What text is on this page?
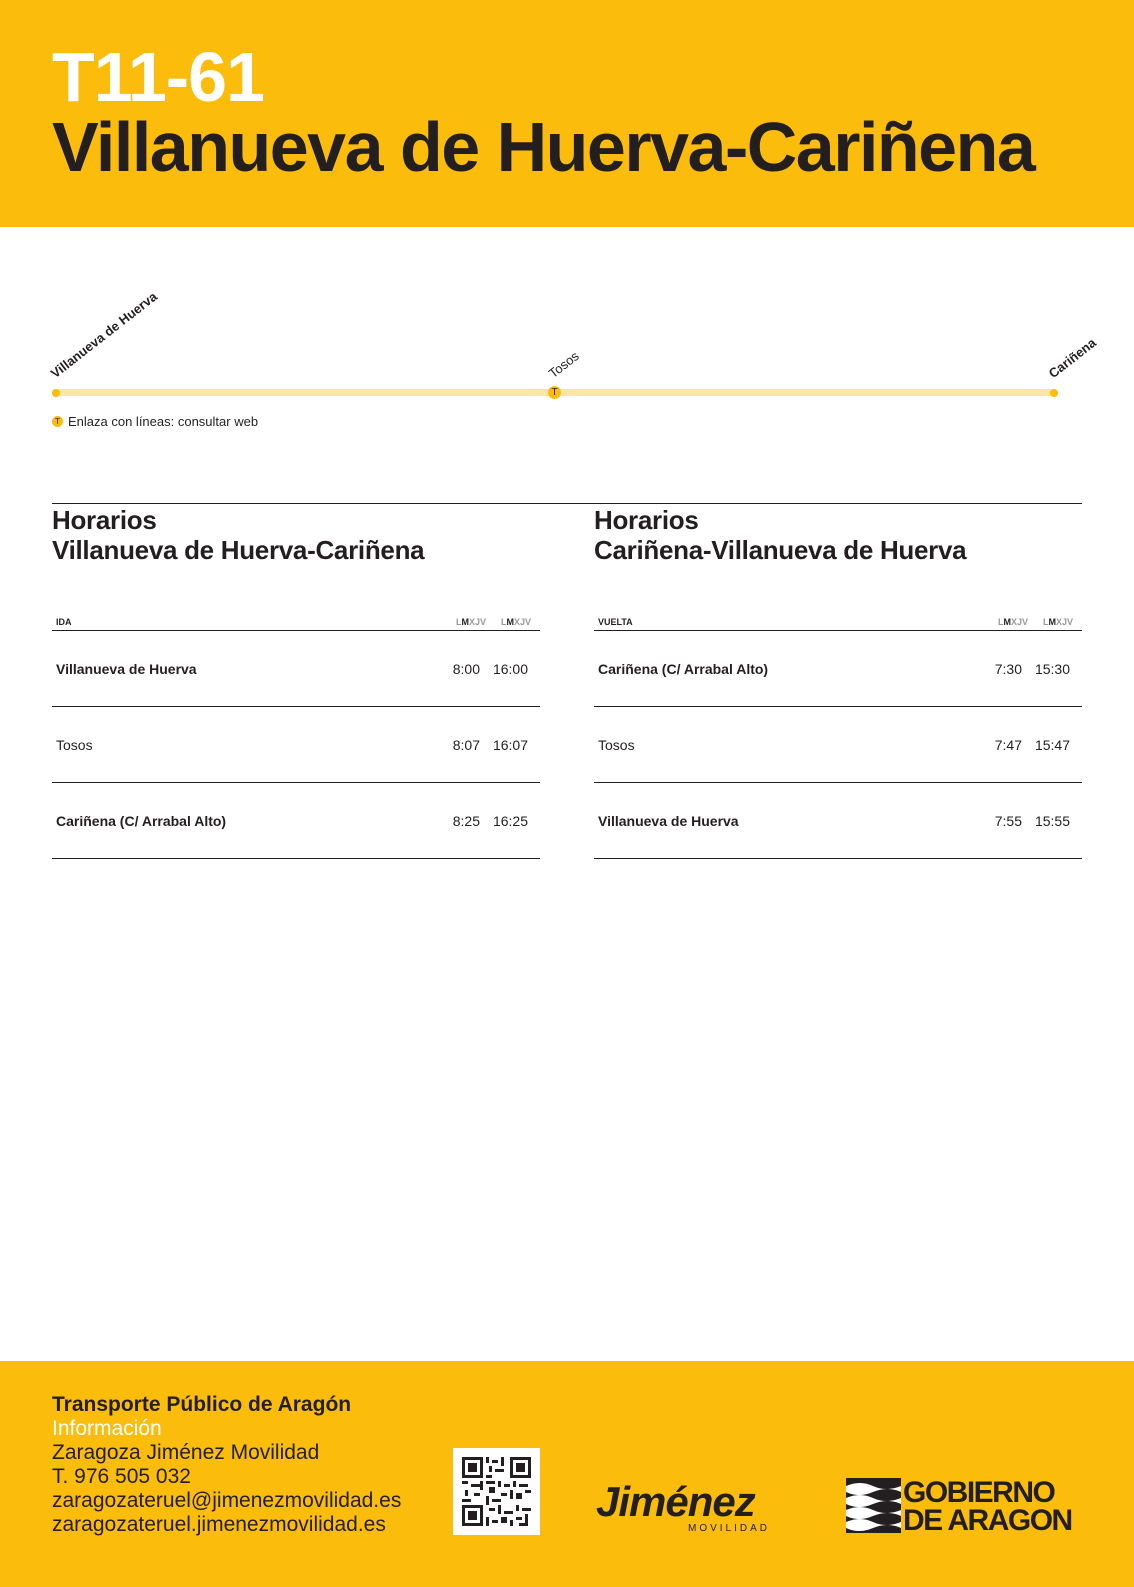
T11-61
Villanueva de Huerva-Cariñena
Villanueva de Huerva
T
Tosos	Cariñena
T Enlaza con líneas: consultar web
Horarios
Villanueva de Huerva-Cariñena
IDA	LMXJV LMXJV
Villanueva de Huerva	8:00 16:00
Tosos	8:07 16:07
Cariñena (C/ Arrabal Alto)	8:25 16:25
Horarios
Cariñena-Villanueva de Huerva
VUELTA	LMXJV LMXJV
Cariñena (C/ Arrabal Alto)	7:30 15:30
Tosos	7:47 15:47
Villanueva de Huerva	7:55 15:55
Transporte Público de Aragón
Información
Zaragoza Jiménez Movilidad
T. 976 505 032
zaragozateruel@jimenezmovilidad.es
zaragozateruel.jimenezmovilidad.es	Jiménez
MOVILIDAD
GOBIERNO
DE ARAGON
